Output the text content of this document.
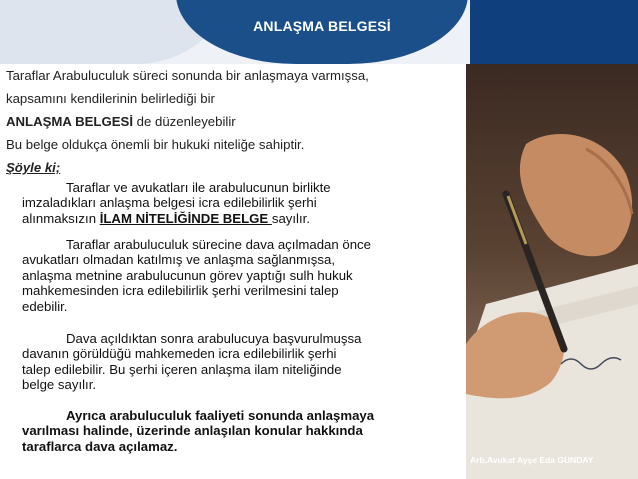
ANLAŞMA BELGESİ
Arb.Avukat Ayşe Eda GÜNDAY
Taraflar Arabuluculuk süreci sonunda bir anlaşmaya varmışsa,
kapsamını kendilerinin belirlediği bir
ANLAŞMA BELGESİ de düzenleyebilir
Bu belge oldukça önemli bir hukuki niteliğe sahiptir.
Şöyle ki;
Taraflar ve avukatları ile arabulucunun birlikte
imzaladıkları anlaşma belgesi icra edilebilirlik şerhi
alınmaksızın İLAM NİTELİĞİNDE BELGE sayılır.
Taraflar arabuluculuk sürecine dava açılmadan önce
avukatları olmadan katılmış ve anlaşma sağlanmışsa,
anlaşma metnine arabulucunun görev yaptığı sulh hukuk
mahkemesinden icra edilebilirlik şerhi verilmesini talep
edebilir.
Dava açıldıktan sonra arabulucuya başvurulmuşsa
davanın görüldüğü mahkemeden icra edilebilirlik şerhi
talep edilebilir. Bu şerhi içeren anlaşma ilam niteliğinde
belge sayılır.
Ayrıca arabuluculuk faaliyeti sonunda anlaşmaya
varılması halinde, üzerinde anlaşılan konular hakkında
taraflarca dava açılamaz.
